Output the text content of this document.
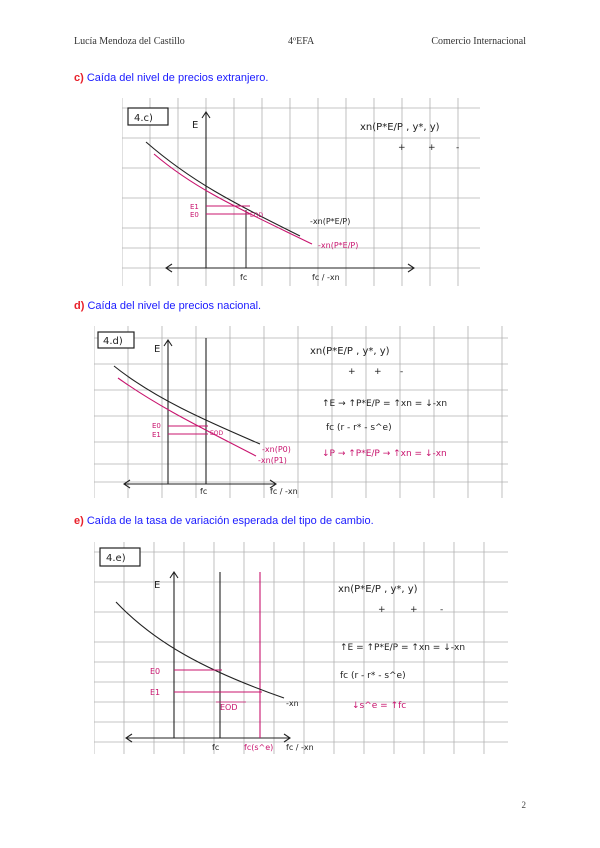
Lucía Mendoza del Castillo	4ºEFA	Comercio Internacional
c) Caída del nivel de precios extranjero.
4.c)
E
E1
E0	EOD
-xn(P*E/P)
-xn(P*E/P)
fc	fc / -xn
xn(P*E/P , y*, y)
+ + -
d) Caída del nivel de precios nacional.
4.d)
E
E0
E1	EOD
-xn(P0)
-xn(P1)
fc	fc / -xn
xn(P*E/P , y*, y)
+ + -
↑E → ↑P*E/P = ↑xn = ↓-xn
fc (r - r* - s^e)
↓P → ↑P*E/P → ↑xn = ↓-xn
e) Caída de la tasa de variación esperada del tipo de cambio.
4.e)
E
E0
E1
EOD	-xn
fc	fc(s^e) fc / -xn
xn(P*E/P , y*, y)
+	+ -
↑E = ↑P*E/P = ↑xn = ↓-xn
fc (r - r* - s^e)
↓s^e = ↑fc
2
